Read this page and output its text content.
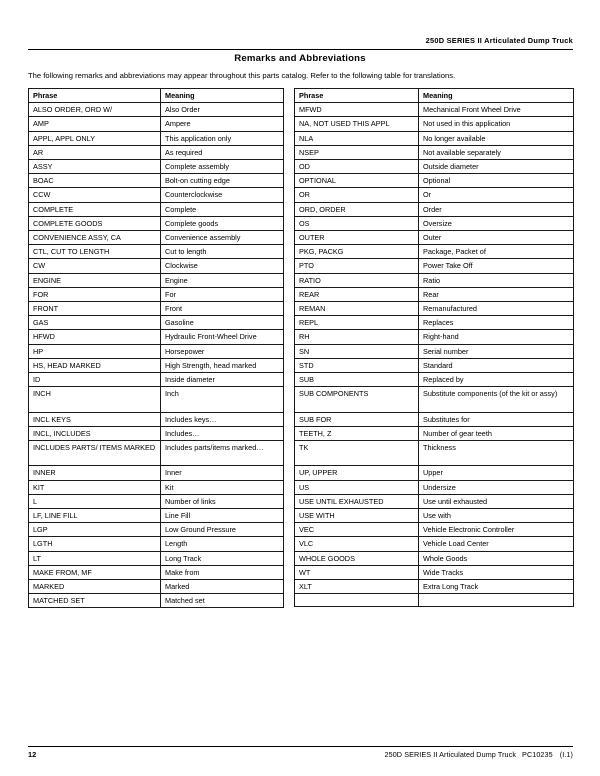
250D SERIES II Articulated Dump Truck
Remarks and Abbreviations
The following remarks and abbreviations may appear throughout this parts catalog. Refer to the following table for translations.
Phrase	Meaning
ALSO ORDER, ORD W/	Also Order
AMP	Ampere
APPL, APPL ONLY	This application only
AR	As required
ASSY	Complete assembly
BOAC	Bolt-on cutting edge
CCW	Counterclockwise
COMPLETE	Complete
COMPLETE GOODS	Complete goods
CONVENIENCE ASSY, CA	Convenience assembly
CTL, CUT TO LENGTH	Cut to length
CW	Clockwise
ENGINE	Engine
FOR	For
FRONT	Front
GAS	Gasoline
HFWD	Hydraulic Front-Wheel Drive
HP	Horsepower
HS, HEAD MARKED	High Strength, head marked
ID	Inside diameter
INCH	Inch
INCL KEYS	Includes keys…
INCL, INCLUDES	Includes…
INCLUDES PARTS/ ITEMS MARKED	Includes parts/items marked…
INNER	Inner
KIT	Kit
L	Number of links
LF, LINE FILL	Line Fill
LGP	Low Ground Pressure
LGTH	Length
LT	Long Track
MAKE FROM, MF	Make from
MARKED	Marked
MATCHED SET	Matched set
Phrase	Meaning
MFWD	Mechanical Front Wheel Drive
NA, NOT USED THIS APPL	Not used in this application
NLA	No longer available
NSEP	Not available separately
OD	Outside diameter
OPTIONAL	Optional
OR	Or
ORD, ORDER	Order
OS	Oversize
OUTER	Outer
PKG, PACKG	Package, Packet of
PTO	Power Take Off
RATIO	Ratio
REAR	Rear
REMAN	Remanufactured
REPL	Replaces
RH	Right-hand
SN	Serial number
STD	Standard
SUB	Replaced by
SUB COMPONENTS	Substitute components (of the kit or assy)
SUB FOR	Substitutes for
TEETH, Z	Number of gear teeth
TK	Thickness
UP, UPPER	Upper
US	Undersize
USE UNTIL EXHAUSTED	Use until exhausted
USE WITH	Use with
VEC	Vehicle Electronic Controller
VLC	Vehicle Load Center
WHOLE GOODS	Whole Goods
WT	Wide Tracks
XLT	Extra Long Track

12	250D SERIES II Articulated Dump Truck PC10235 (I.1)
